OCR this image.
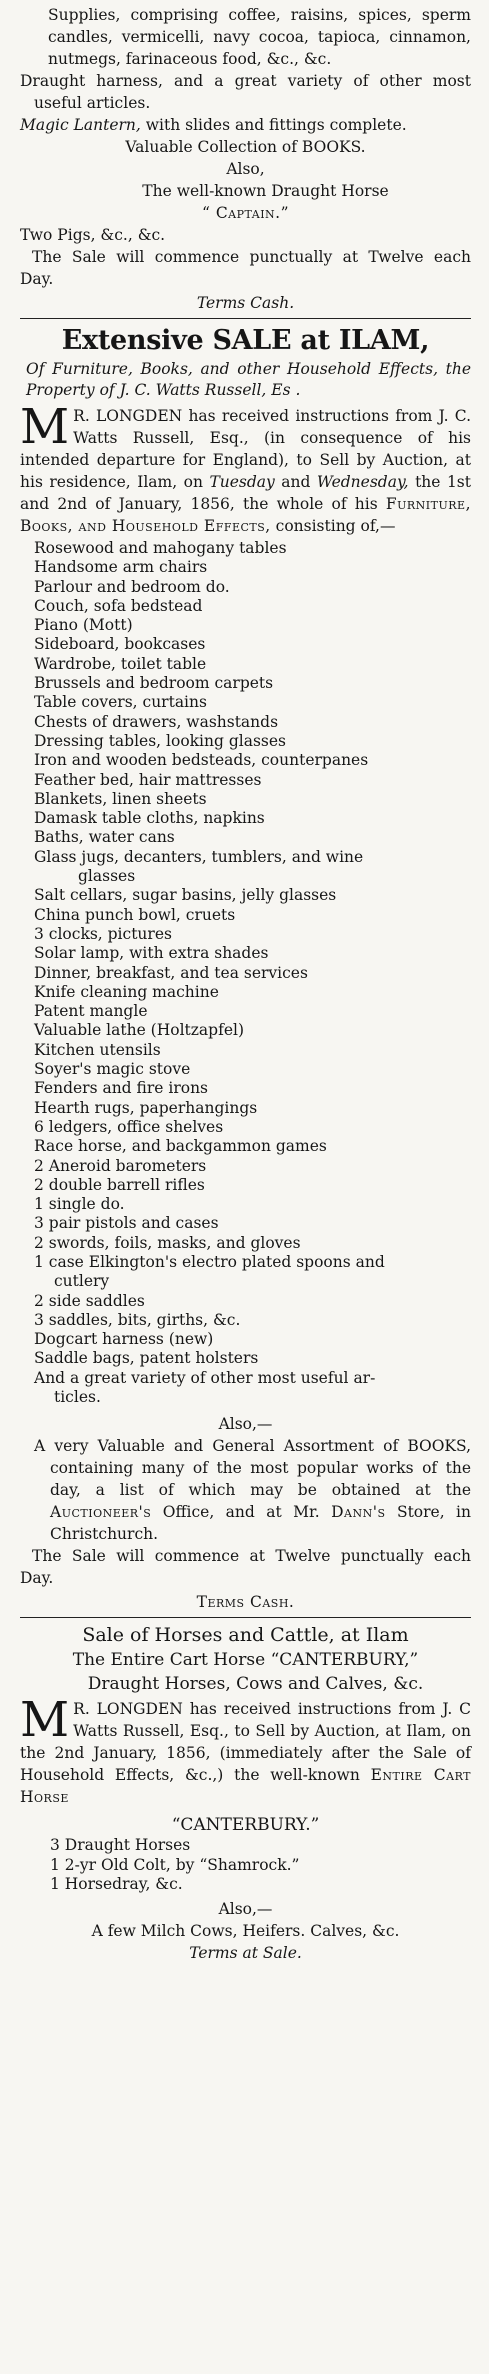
Supplies, comprising coffee, raisins, spices, sperm candles, vermicelli, navy cocoa, tapioca, cinnamon, nutmegs, farinaceous food, &c., &c.

Draught harness, and a great variety of other most useful articles.

Magic Lantern, with slides and fittings complete.

Valuable Collection of BOOKS.

Also,

The well-known Draught Horse

“ Captain.”

Two Pigs, &c., &c.

The Sale will commence punctually at Twelve each Day.

Terms Cash.

Extensive SALE at ILAM,

Of Furniture, Books, and other Household Effects, the Property of J. C. Watts Russell, Es .

M R. LONGDEN has received instructions from J. C. Watts Russell, Esq., (in consequence of his intended departure for England), to Sell by Auction, at his residence, Ilam, on Tuesday and Wednesday, the 1st and 2nd of January, 1856, the whole of his Furniture, Books, and Household Effects, consisting of,—

Rosewood and mahogany tables

Handsome arm chairs

Parlour and bedroom do.

Couch, sofa bedstead

Piano (Mott)

Sideboard, bookcases

Wardrobe, toilet table

Brussels and bedroom carpets

Table covers, curtains

Chests of drawers, washstands

Dressing tables, looking glasses

Iron and wooden bedsteads, counterpanes

Feather bed, hair mattresses

Blankets, linen sheets

Damask table cloths, napkins

Baths, water cans

Glass jugs, decanters, tumblers, and wine

glasses

Salt cellars, sugar basins, jelly glasses

China punch bowl, cruets

3 clocks, pictures

Solar lamp, with extra shades

Dinner, breakfast, and tea services

Knife cleaning machine

Patent mangle

Valuable lathe (Holtzapfel)

Kitchen utensils

Soyer's magic stove

Fenders and fire irons

Hearth rugs, paperhangings

6 ledgers, office shelves

Race horse, and backgammon games

2 Aneroid barometers

2 double barrell rifles

1 single do.

3 pair pistols and cases

2 swords, foils, masks, and gloves

1 case Elkington's electro plated spoons and

cutlery

2 side saddles

3 saddles, bits, girths, &c.

Dogcart harness (new)

Saddle bags, patent holsters

And a great variety of other most useful ar-

ticles.

Also,—

A very Valuable and General Assortment of BOOKS, containing many of the most popular works of the day, a list of which may be obtained at the Auctioneer's Office, and at Mr. Dann's Store, in Christchurch.

The Sale will commence at Twelve punctually each Day.

Terms Cash.

Sale of Horses and Cattle, at Ilam

The Entire Cart Horse “CANTERBURY,”

Draught Horses, Cows and Calves, &c.

M R. LONGDEN has received instructions from J. C Watts Russell, Esq., to Sell by Auction, at Ilam, on the 2nd January, 1856, (immediately after the Sale of Household Effects, &c.,) the well-known Entire Cart Horse

“CANTERBURY.”

3 Draught Horses

1 2-yr Old Colt, by “Shamrock.”

1 Horsedray, &c.

Also,—

A few Milch Cows, Heifers. Calves, &c.

Terms at Sale.
